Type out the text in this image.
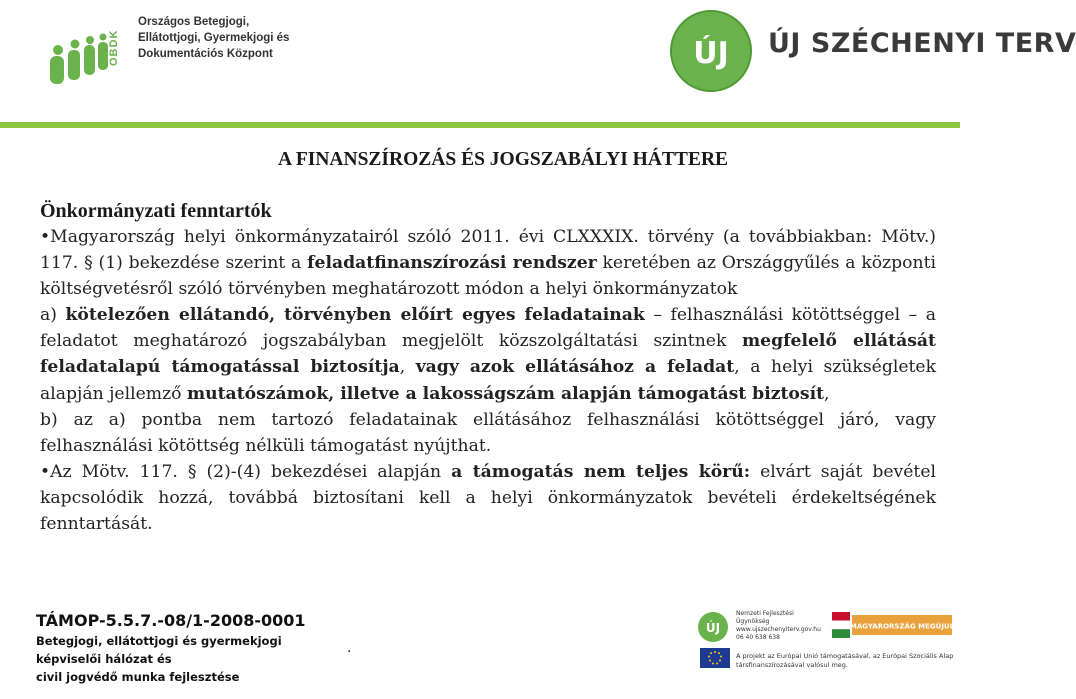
OBDK
Országos Betegjogi,
Ellátottjogi, Gyermekjogi és
Dokumentációs Központ	ÚJ ÚJ SZÉCHENYI TERV
A FINANSZÍROZÁS ÉS JOGSZABÁLYI HÁTTERE
Önkormányzati fenntartók
•Magyarország helyi önkormányzatairól szóló 2011. évi CLXXXIX. törvény (a továbbiakban: Mötv.) 117. § (1) bekezdése szerint a feladatfinanszírozási rendszer keretében az Országgyűlés a központi költségvetésről szóló törvényben meghatározott módon a helyi önkormányzatok
a) kötelezően ellátandó, törvényben előírt egyes feladatainak – felhasználási kötöttséggel – a feladatot meghatározó jogszabályban megjelölt közszolgáltatási szintnek megfelelő ellátását feladatalapú támogatással biztosítja, vagy azok ellátásához a feladat, a helyi szükségletek alapján jellemző mutatószámok, illetve a lakosságszám alapján támogatást biztosít,
b) az a) pontba nem tartozó feladatainak ellátásához felhasználási kötöttséggel járó, vagy felhasználási kötöttség nélküli támogatást nyújthat.
•Az Mötv. 117. § (2)-(4) bekezdései alapján a támogatás nem teljes körű: elvárt saját bevétel kapcsolódik hozzá, továbbá biztosítani kell a helyi önkormányzatok bevételi érdekeltségének fenntartását.
TÁMOP-5.5.7.-08/1-2008-0001
Betegjogi, ellátottjogi és gyermekjogi
képviselői hálózat és
civil jogvédő munka fejlesztése
.
ÚJ
Nemzeti Fejlesztési Ügynökség
www.ujszechenyiterv.gov.hu
06 40 638 638
MAGYARORSZÁG MEGÚJUL
A projekt az Európai Unió támogatásával, az Európai Szociális Alap társfinanszírozásával valósul meg.
